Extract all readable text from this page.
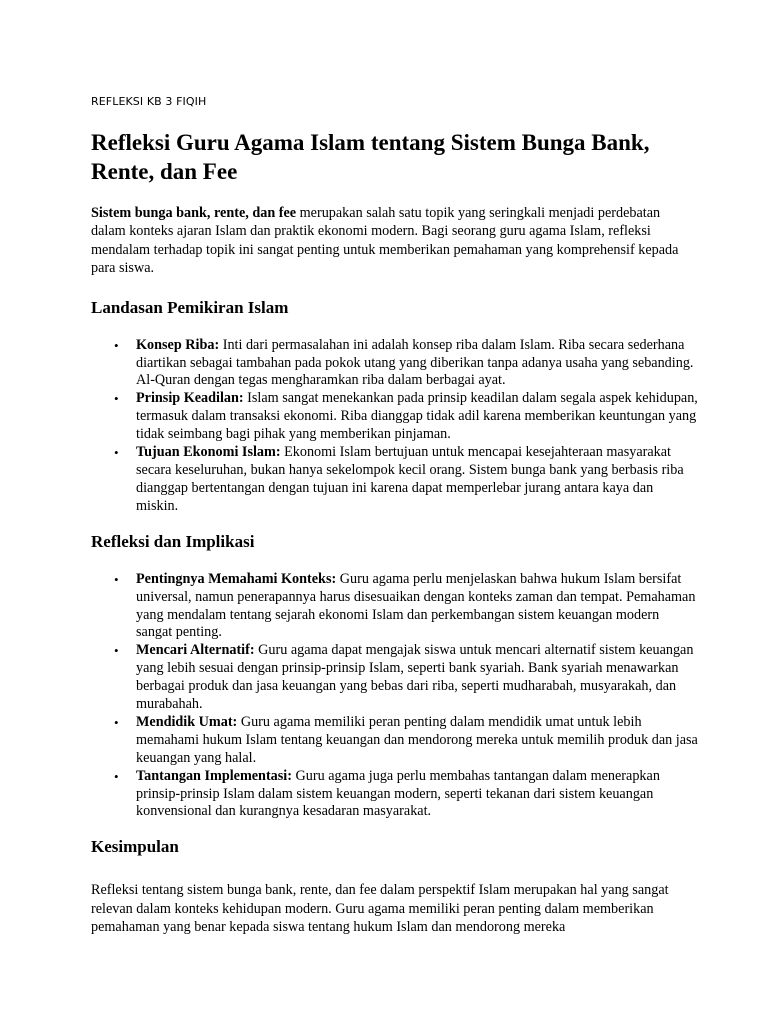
REFLEKSI KB 3 FIQIH
Refleksi Guru Agama Islam tentang Sistem Bunga Bank, Rente, dan Fee

Sistem bunga bank, rente, dan fee merupakan salah satu topik yang seringkali menjadi perdebatan dalam konteks ajaran Islam dan praktik ekonomi modern. Bagi seorang guru agama Islam, refleksi mendalam terhadap topik ini sangat penting untuk memberikan pemahaman yang komprehensif kepada para siswa.

Landasan Pemikiran Islam
• Konsep Riba: Inti dari permasalahan ini adalah konsep riba dalam Islam. Riba secara sederhana diartikan sebagai tambahan pada pokok utang yang diberikan tanpa adanya usaha yang sebanding. Al-Quran dengan tegas mengharamkan riba dalam berbagai ayat.
• Prinsip Keadilan: Islam sangat menekankan pada prinsip keadilan dalam segala aspek kehidupan, termasuk dalam transaksi ekonomi. Riba dianggap tidak adil karena memberikan keuntungan yang tidak seimbang bagi pihak yang memberikan pinjaman.
• Tujuan Ekonomi Islam: Ekonomi Islam bertujuan untuk mencapai kesejahteraan masyarakat secara keseluruhan, bukan hanya sekelompok kecil orang. Sistem bunga bank yang berbasis riba dianggap bertentangan dengan tujuan ini karena dapat memperlebar jurang antara kaya dan miskin.
Refleksi dan Implikasi
• Pentingnya Memahami Konteks: Guru agama perlu menjelaskan bahwa hukum Islam bersifat universal, namun penerapannya harus disesuaikan dengan konteks zaman dan tempat. Pemahaman yang mendalam tentang sejarah ekonomi Islam dan perkembangan sistem keuangan modern sangat penting.
• Mencari Alternatif: Guru agama dapat mengajak siswa untuk mencari alternatif sistem keuangan yang lebih sesuai dengan prinsip-prinsip Islam, seperti bank syariah. Bank syariah menawarkan berbagai produk dan jasa keuangan yang bebas dari riba, seperti mudharabah, musyarakah, dan murabahah.
• Mendidik Umat: Guru agama memiliki peran penting dalam mendidik umat untuk lebih memahami hukum Islam tentang keuangan dan mendorong mereka untuk memilih produk dan jasa keuangan yang halal.
• Tantangan Implementasi: Guru agama juga perlu membahas tantangan dalam menerapkan prinsip-prinsip Islam dalam sistem keuangan modern, seperti tekanan dari sistem keuangan konvensional dan kurangnya kesadaran masyarakat.
Kesimpulan

Refleksi tentang sistem bunga bank, rente, dan fee dalam perspektif Islam merupakan hal yang sangat relevan dalam konteks kehidupan modern. Guru agama memiliki peran penting dalam memberikan pemahaman yang benar kepada siswa tentang hukum Islam dan mendorong mereka
